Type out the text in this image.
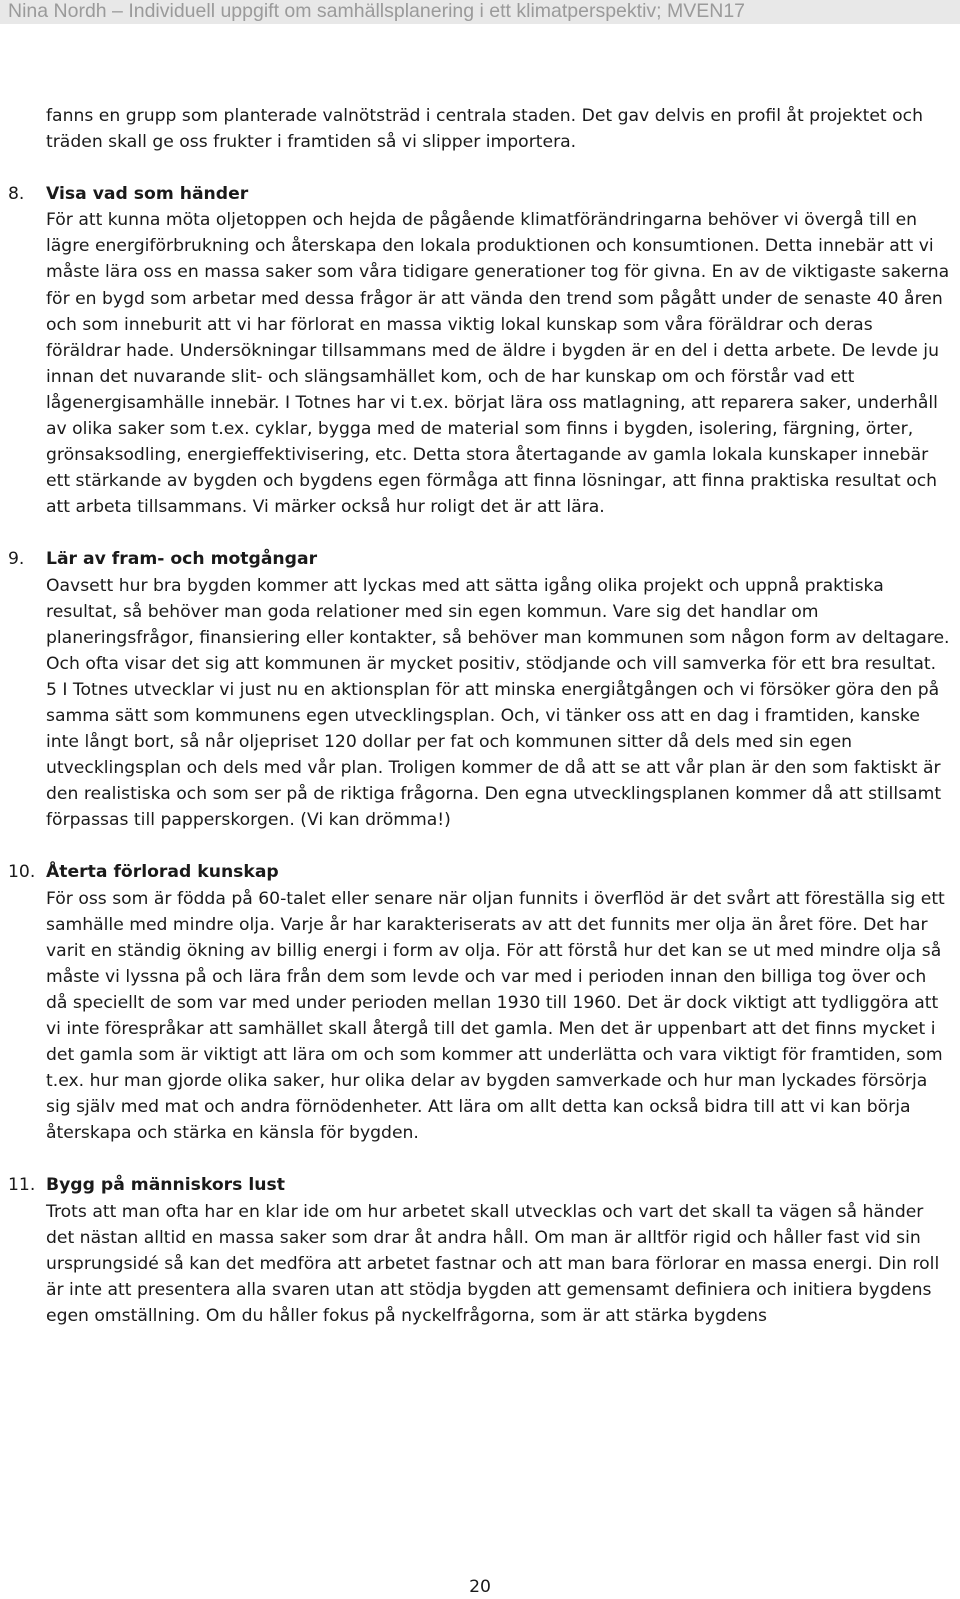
Nina Nordh – Individuell uppgift om samhällsplanering i ett klimatperspektiv; MVEN17

fanns en grupp som planterade valnötsträd i centrala staden. Det gav delvis en profil åt projektet och träden skall ge oss frukter i framtiden så vi slipper importera.

8. Visa vad som händer

För att kunna möta oljetoppen och hejda de pågående klimatförändringarna behöver vi övergå till en lägre energiförbrukning och återskapa den lokala produktionen och konsumtionen. Detta innebär att vi måste lära oss en massa saker som våra tidigare generationer tog för givna. En av de viktigaste sakerna för en bygd som arbetar med dessa frågor är att vända den trend som pågått under de senaste 40 åren och som inneburit att vi har förlorat en massa viktig lokal kunskap som våra föräldrar och deras föräldrar hade. Undersökningar tillsammans med de äldre i bygden är en del i detta arbete. De levde ju innan det nuvarande slit- och slängsamhället kom, och de har kunskap om och förstår vad ett lågenergisamhälle innebär. I Totnes har vi t.ex. börjat lära oss matlagning, att reparera saker, underhåll av olika saker som t.ex. cyklar, bygga med de material som finns i bygden, isolering, färgning, örter, grönsaksodling, energieffektivisering, etc. Detta stora återtagande av gamla lokala kunskaper innebär ett stärkande av bygden och bygdens egen förmåga att finna lösningar, att finna praktiska resultat och att arbeta tillsammans. Vi märker också hur roligt det är att lära.

9. Lär av fram- och motgångar

Oavsett hur bra bygden kommer att lyckas med att sätta igång olika projekt och uppnå praktiska resultat, så behöver man goda relationer med sin egen kommun. Vare sig det handlar om planeringsfrågor, finansiering eller kontakter, så behöver man kommunen som någon form av deltagare. Och ofta visar det sig att kommunen är mycket positiv, stödjande och vill samverka för ett bra resultat. 5 I Totnes utvecklar vi just nu en aktionsplan för att minska energiåtgången och vi försöker göra den på samma sätt som kommunens egen utvecklingsplan. Och, vi tänker oss att en dag i framtiden, kanske inte långt bort, så når oljepriset 120 dollar per fat och kommunen sitter då dels med sin egen utvecklingsplan och dels med vår plan. Troligen kommer de då att se att vår plan är den som faktiskt är den realistiska och som ser på de riktiga frågorna. Den egna utvecklingsplanen kommer då att stillsamt förpassas till papperskorgen. (Vi kan drömma!)

10. Återta förlorad kunskap

För oss som är födda på 60-talet eller senare när oljan funnits i överflöd är det svårt att föreställa sig ett samhälle med mindre olja. Varje år har karakteriserats av att det funnits mer olja än året före. Det har varit en ständig ökning av billig energi i form av olja. För att förstå hur det kan se ut med mindre olja så måste vi lyssna på och lära från dem som levde och var med i perioden innan den billiga tog över och då speciellt de som var med under perioden mellan 1930 till 1960. Det är dock viktigt att tydliggöra att vi inte förespråkar att samhället skall återgå till det gamla. Men det är uppenbart att det finns mycket i det gamla som är viktigt att lära om och som kommer att underlätta och vara viktigt för framtiden, som t.ex. hur man gjorde olika saker, hur olika delar av bygden samverkade och hur man lyckades försörja sig själv med mat och andra förnödenheter. Att lära om allt detta kan också bidra till att vi kan börja återskapa och stärka en känsla för bygden.

11. Bygg på människors lust

Trots att man ofta har en klar ide om hur arbetet skall utvecklas och vart det skall ta vägen så händer det nästan alltid en massa saker som drar åt andra håll. Om man är alltför rigid och håller fast vid sin ursprungsidé så kan det medföra att arbetet fastnar och att man bara förlorar en massa energi. Din roll är inte att presentera alla svaren utan att stödja bygden att gemensamt definiera och initiera bygdens egen omställning. Om du håller fokus på nyckelfrågorna, som är att stärka bygdens

20
